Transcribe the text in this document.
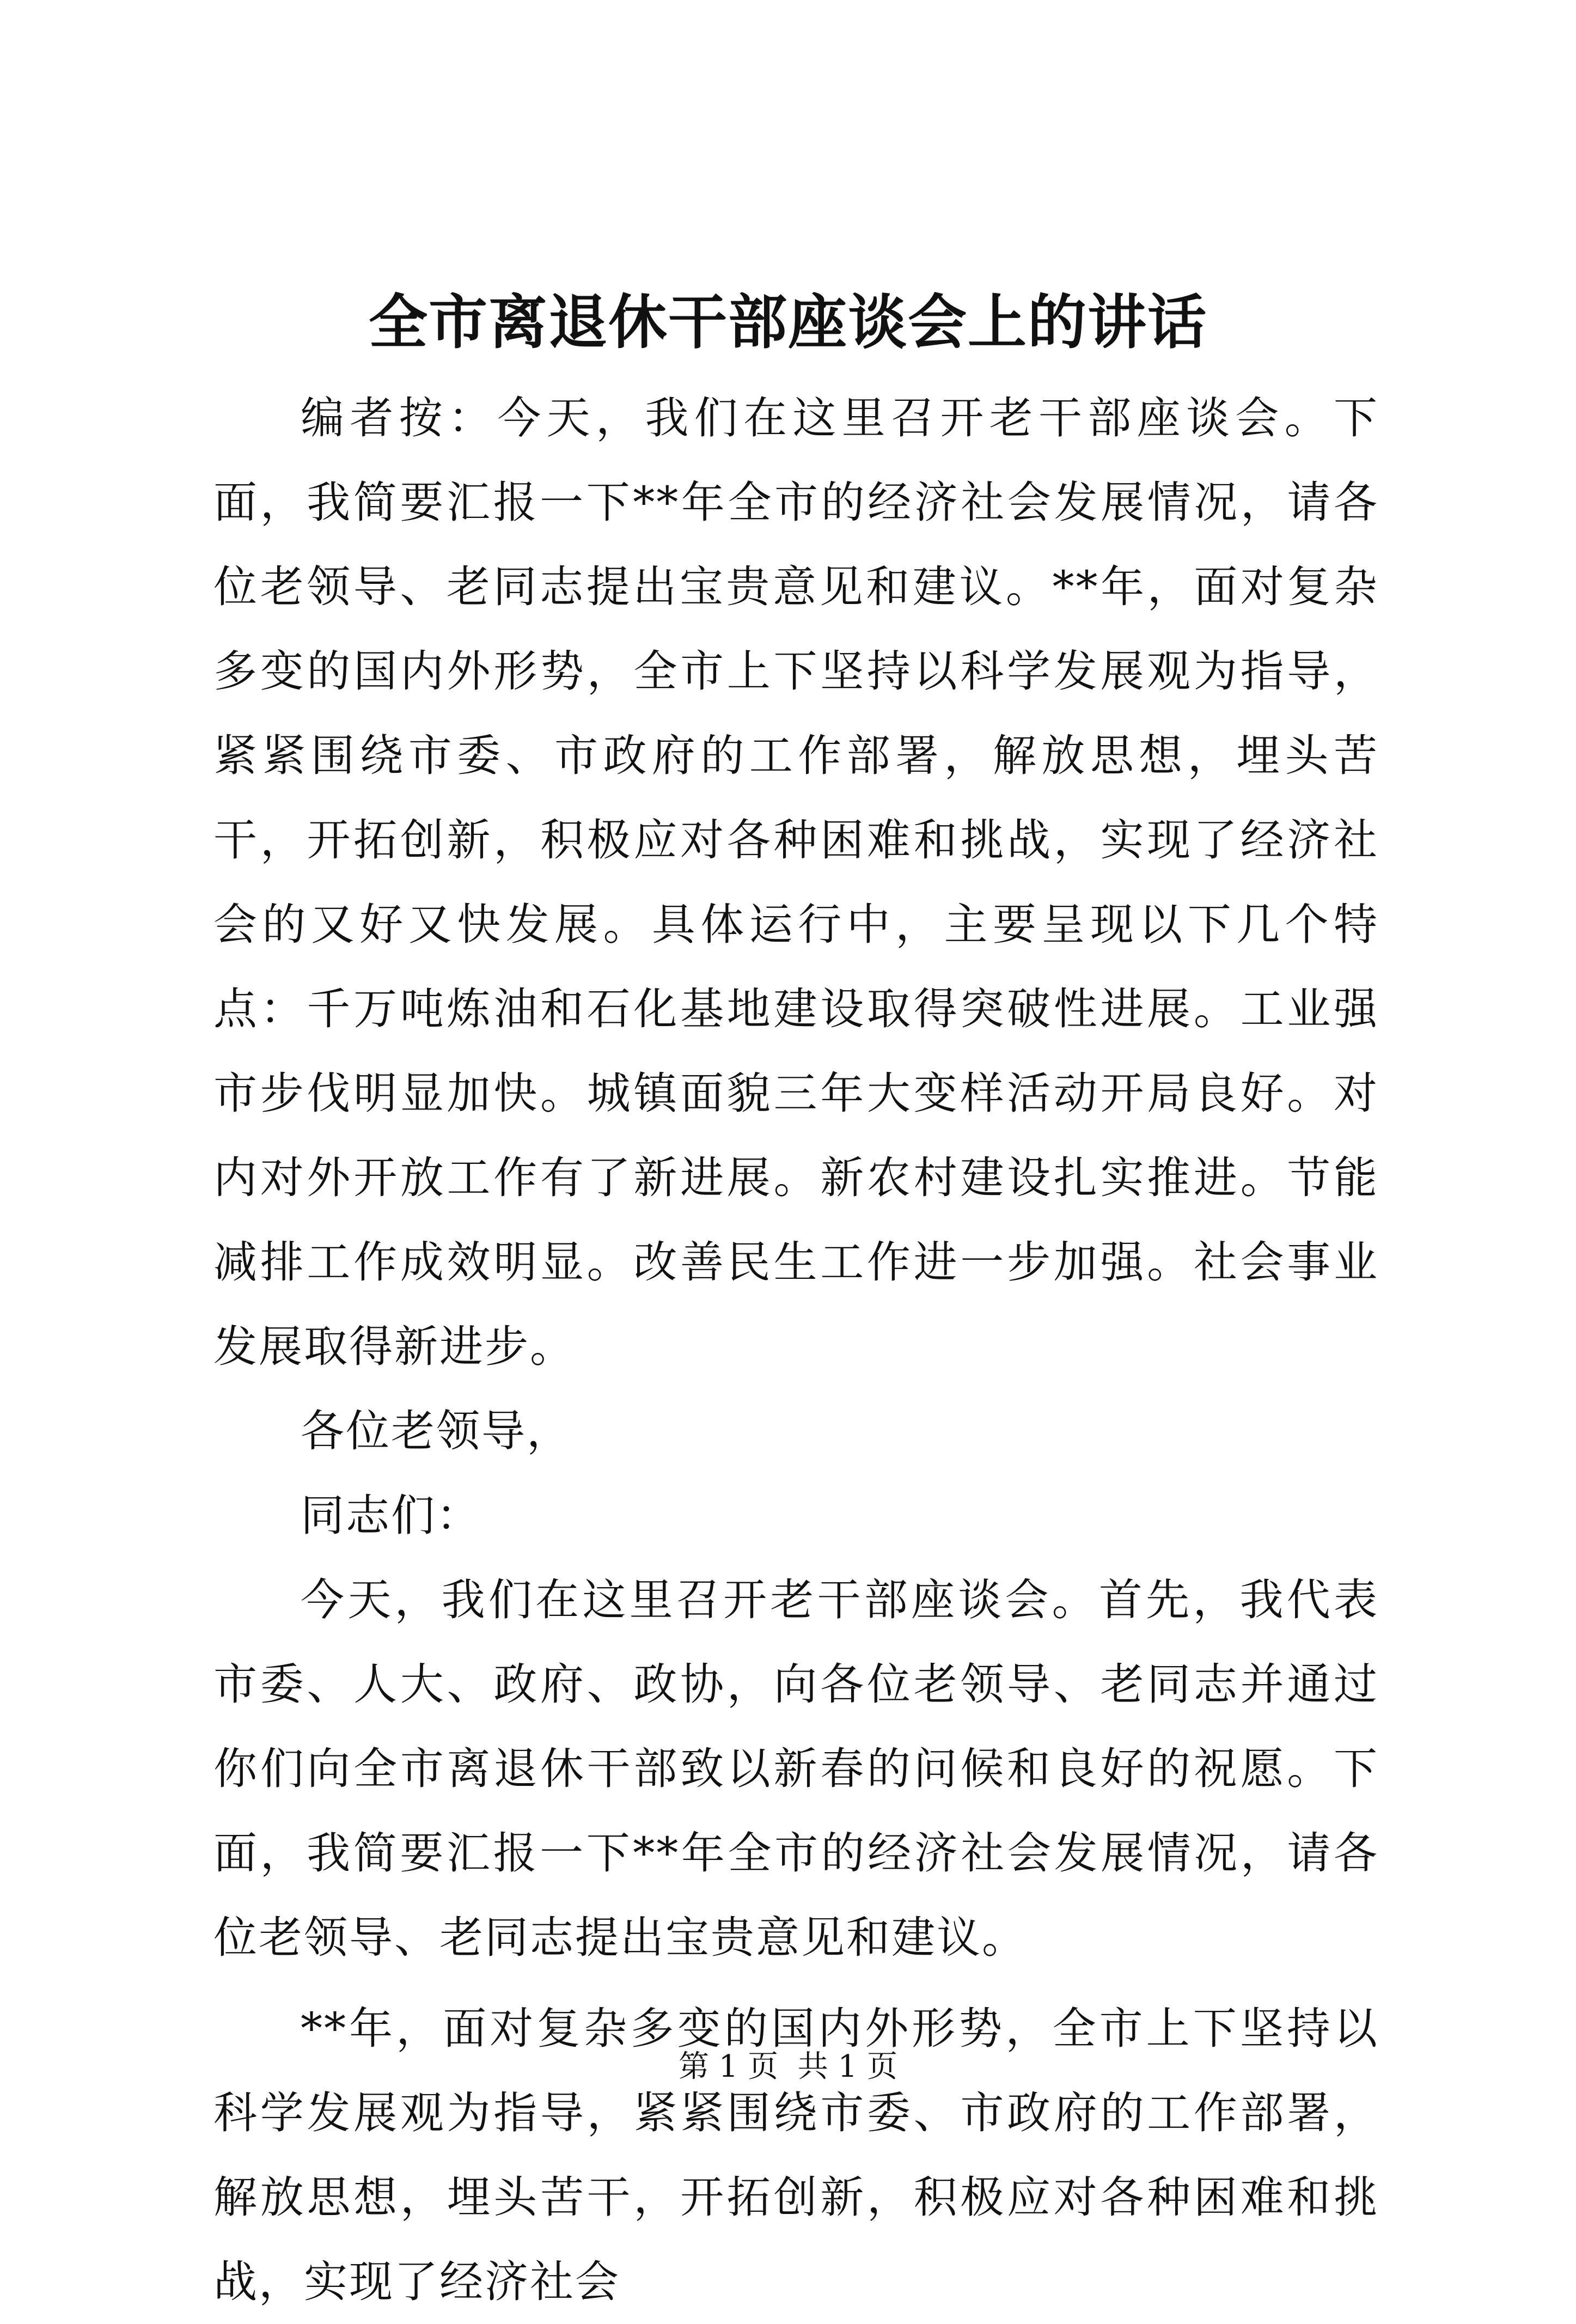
全市离退休干部座谈会上的讲话

编者按：今天，我们在这里召开老干部座谈会。下面，我简要汇报一下**年全市的经济社会发展情况，请各位老领导、老同志提出宝贵意见和建议。**年，面对复杂多变的国内外形势，全市上下坚持以科学发展观为指导，紧紧围绕市委、市政府的工作部署，解放思想，埋头苦干，开拓创新，积极应对各种困难和挑战，实现了经济社会的又好又快发展。具体运行中，主要呈现以下几个特点：千万吨炼油和石化基地建设取得突破性进展。工业强市步伐明显加快。城镇面貌三年大变样活动开局良好。对内对外开放工作有了新进展。新农村建设扎实推进。节能减排工作成效明显。改善民生工作进一步加强。社会事业发展取得新进步。

各位老领导，

同志们：

今天，我们在这里召开老干部座谈会。首先，我代表市委、人大、政府、政协，向各位老领导、老同志并通过你们向全市离退休干部致以新春的问候和良好的祝愿。下面，我简要汇报一下**年全市的经济社会发展情况，请各位老领导、老同志提出宝贵意见和建议。

**年，面对复杂多变的国内外形势，全市上下坚持以科学发展观为指导，紧紧围绕市委、市政府的工作部署，解放思想，埋头苦干，开拓创新，积极应对各种困难和挑战，实现了经济社会

第 1 页 共 1 页
